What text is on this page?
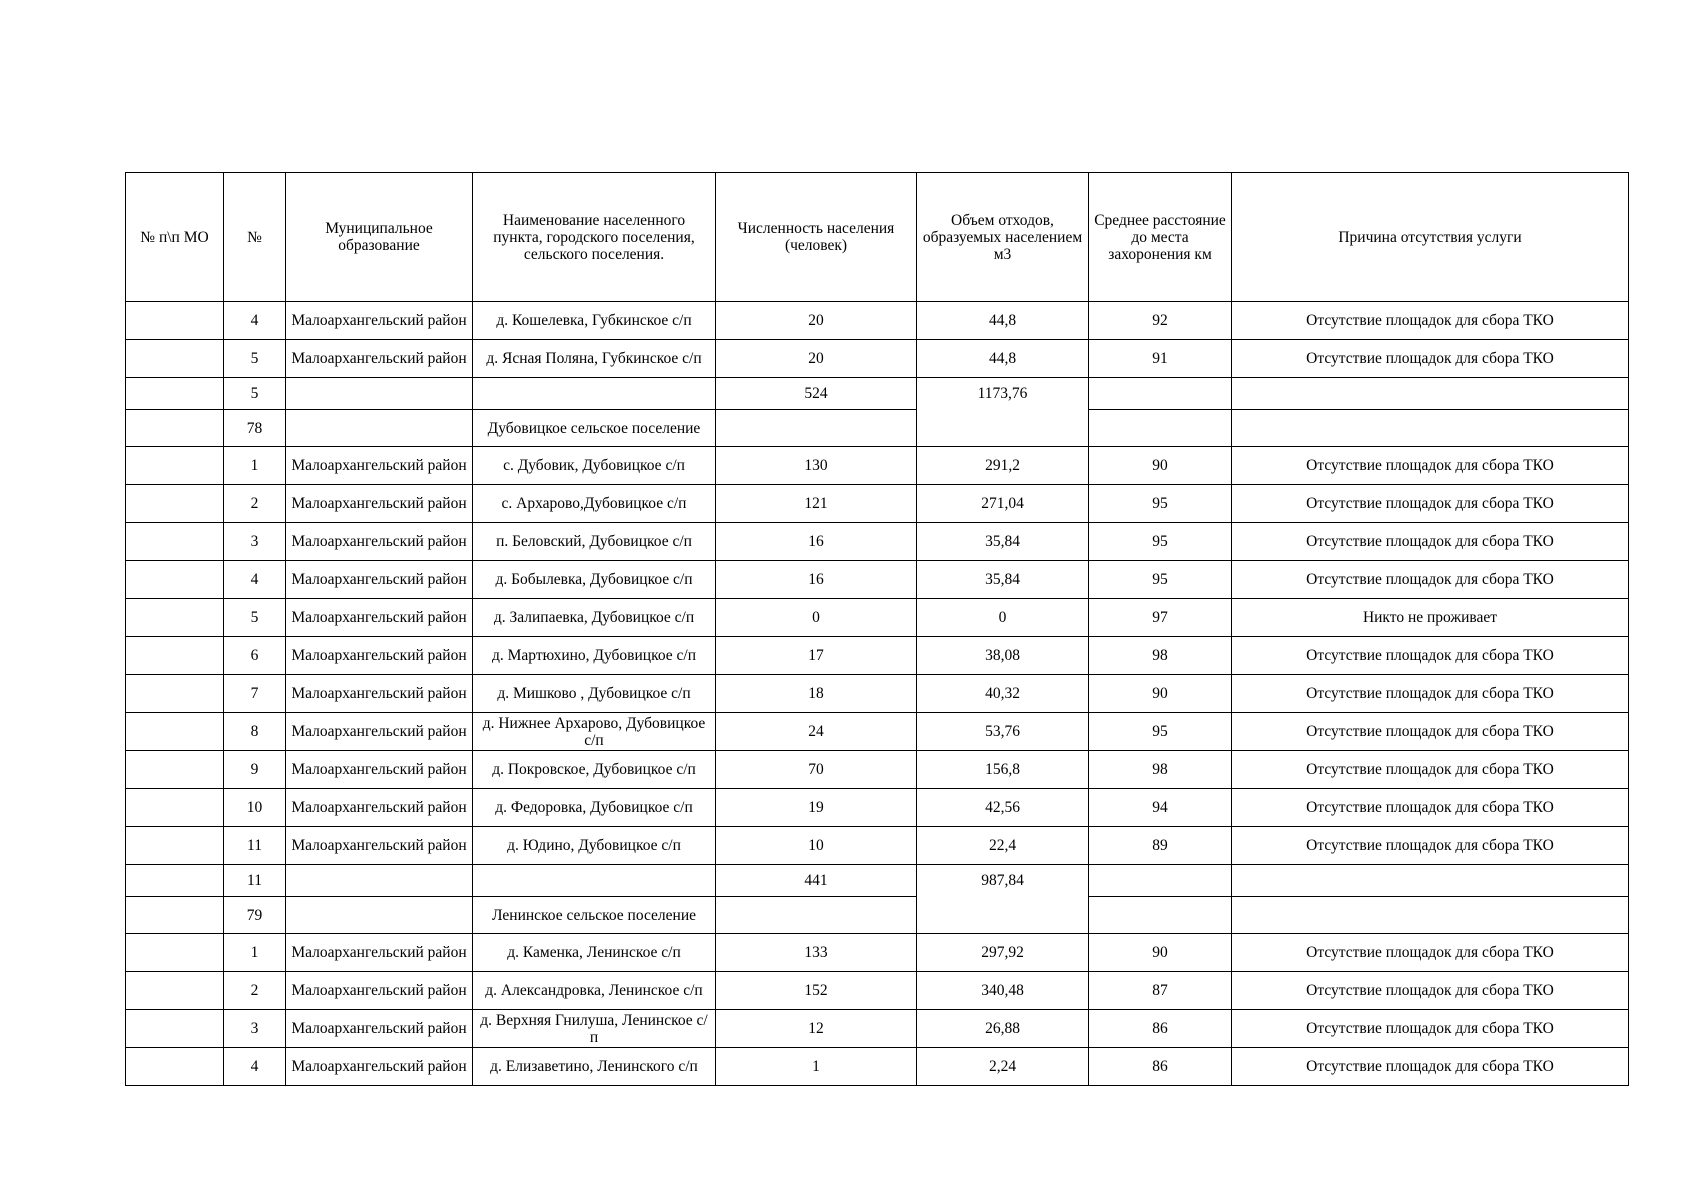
№ п\п МО	№	Муниципальное образование	Наименование населенного пункта, городского поселения, сельского поселения.	Численность населения (человек)	Объем отходов, образуемых населением м3	Среднее расстояние до места захоронения км	Причина отсутствия услуги
	4	Малоархангельский район	д. Кошелевка, Губкинское с/п	20	44,8	92	Отсутствие площадок для сбора ТКО
	5	Малоархангельский район	д. Ясная Поляна, Губкинское с/п	20	44,8	91	Отсутствие площадок для сбора ТКО
	5			524	1173,76		
	78		Дубовицкое сельское поселение				
	1	Малоархангельский район	с. Дубовик, Дубовицкое с/п	130	291,2	90	Отсутствие площадок для сбора ТКО
	2	Малоархангельский район	с. Архарово,Дубовицкое с/п	121	271,04	95	Отсутствие площадок для сбора ТКО
	3	Малоархангельский район	п. Беловский, Дубовицкое с/п	16	35,84	95	Отсутствие площадок для сбора ТКО
	4	Малоархангельский район	д. Бобылевка, Дубовицкое с/п	16	35,84	95	Отсутствие площадок для сбора ТКО
	5	Малоархангельский район	д. Залипаевка, Дубовицкое с/п	0	0	97	Никто не проживает
	6	Малоархангельский район	д. Мартюхино, Дубовицкое с/п	17	38,08	98	Отсутствие площадок для сбора ТКО
	7	Малоархангельский район	д. Мишково , Дубовицкое с/п	18	40,32	90	Отсутствие площадок для сбора ТКО
	8	Малоархангельский район	д. Нижнее Архарово, Дубовицкое с/п	24	53,76	95	Отсутствие площадок для сбора ТКО
	9	Малоархангельский район	д. Покровское, Дубовицкое с/п	70	156,8	98	Отсутствие площадок для сбора ТКО
	10	Малоархангельский район	д. Федоровка, Дубовицкое с/п	19	42,56	94	Отсутствие площадок для сбора ТКО
	11	Малоархангельский район	д. Юдино, Дубовицкое с/п	10	22,4	89	Отсутствие площадок для сбора ТКО
	11			441	987,84		
	79		Ленинское сельское поселение				
	1	Малоархангельский район	д. Каменка, Ленинское с/п	133	297,92	90	Отсутствие площадок для сбора ТКО
	2	Малоархангельский район	д. Александровка, Ленинское с/п	152	340,48	87	Отсутствие площадок для сбора ТКО
	3	Малоархангельский район	д. Верхняя Гнилуша, Ленинское с/п	12	26,88	86	Отсутствие площадок для сбора ТКО
	4	Малоархангельский район	д. Елизаветино, Ленинского с/п	1	2,24	86	Отсутствие площадок для сбора ТКО
